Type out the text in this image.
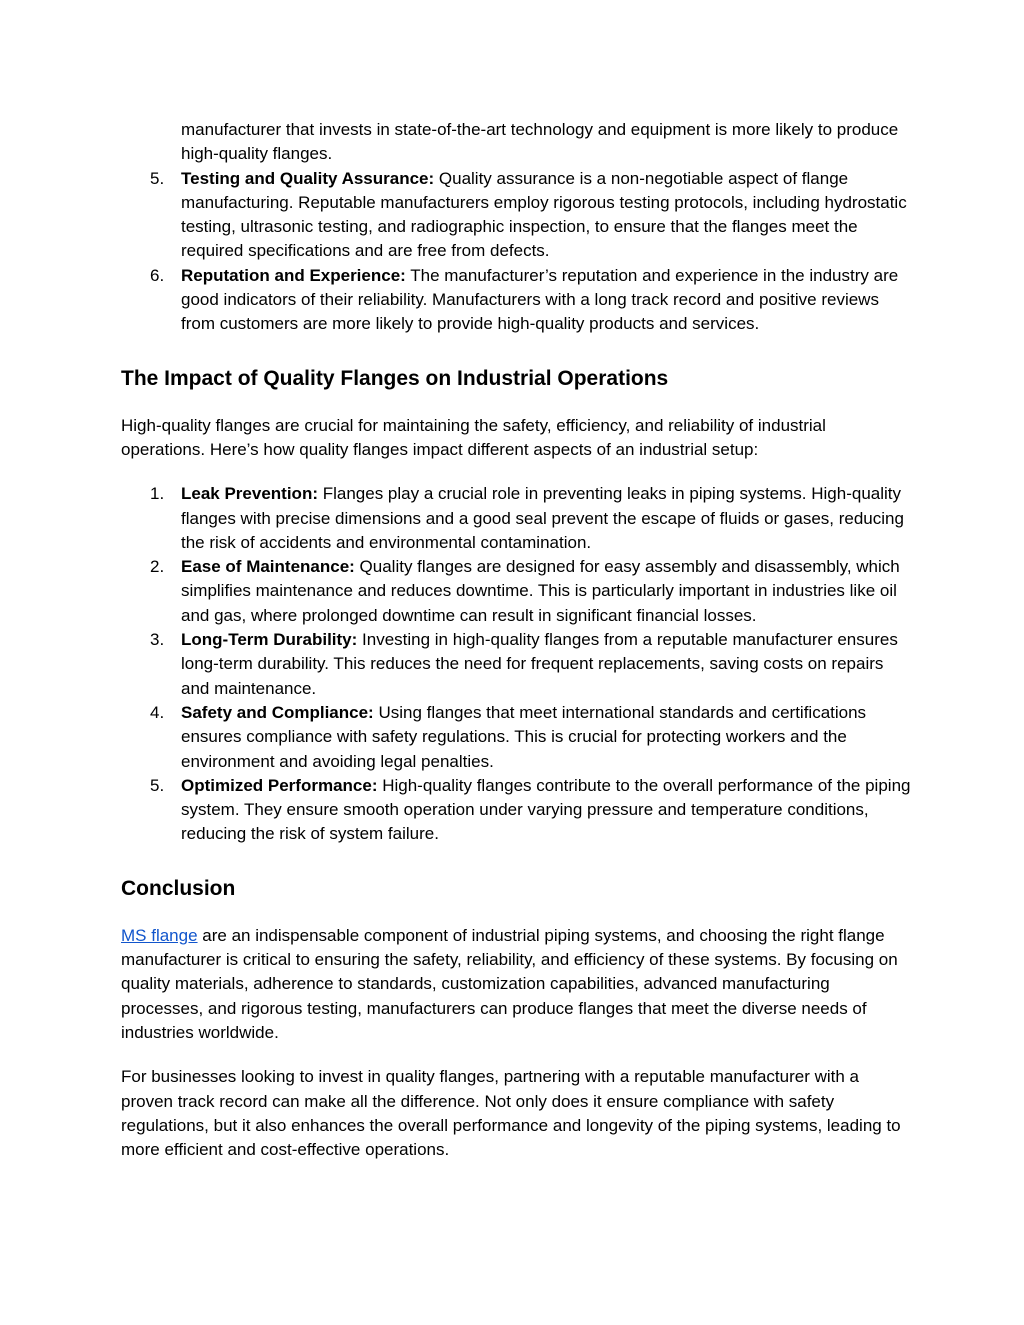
manufacturer that invests in state-of-the-art technology and equipment is more likely to produce high-quality flanges.

5. Testing and Quality Assurance: Quality assurance is a non-negotiable aspect of flange manufacturing. Reputable manufacturers employ rigorous testing protocols, including hydrostatic testing, ultrasonic testing, and radiographic inspection, to ensure that the flanges meet the required specifications and are free from defects.
6. Reputation and Experience: The manufacturer’s reputation and experience in the industry are good indicators of their reliability. Manufacturers with a long track record and positive reviews from customers are more likely to provide high-quality products and services.
The Impact of Quality Flanges on Industrial Operations

High-quality flanges are crucial for maintaining the safety, efficiency, and reliability of industrial operations. Here’s how quality flanges impact different aspects of an industrial setup:

1. Leak Prevention: Flanges play a crucial role in preventing leaks in piping systems. High-quality flanges with precise dimensions and a good seal prevent the escape of fluids or gases, reducing the risk of accidents and environmental contamination.
2. Ease of Maintenance: Quality flanges are designed for easy assembly and disassembly, which simplifies maintenance and reduces downtime. This is particularly important in industries like oil and gas, where prolonged downtime can result in significant financial losses.
3. Long-Term Durability: Investing in high-quality flanges from a reputable manufacturer ensures long-term durability. This reduces the need for frequent replacements, saving costs on repairs and maintenance.
4. Safety and Compliance: Using flanges that meet international standards and certifications ensures compliance with safety regulations. This is crucial for protecting workers and the environment and avoiding legal penalties.
5. Optimized Performance: High-quality flanges contribute to the overall performance of the piping system. They ensure smooth operation under varying pressure and temperature conditions, reducing the risk of system failure.
Conclusion

MS flange are an indispensable component of industrial piping systems, and choosing the right flange manufacturer is critical to ensuring the safety, reliability, and efficiency of these systems. By focusing on quality materials, adherence to standards, customization capabilities, advanced manufacturing processes, and rigorous testing, manufacturers can produce flanges that meet the diverse needs of industries worldwide.

For businesses looking to invest in quality flanges, partnering with a reputable manufacturer with a proven track record can make all the difference. Not only does it ensure compliance with safety regulations, but it also enhances the overall performance and longevity of the piping systems, leading to more efficient and cost-effective operations.
